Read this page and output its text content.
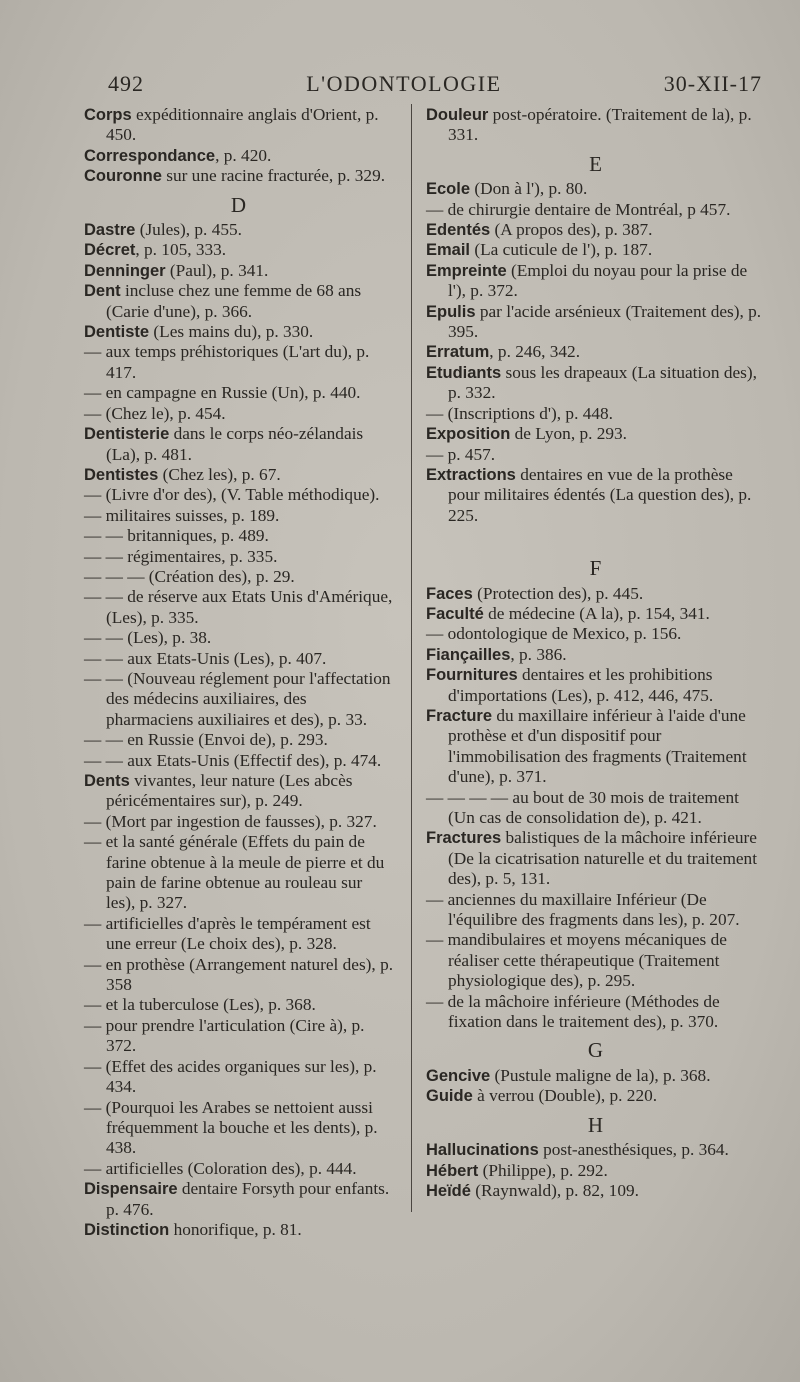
492	L'ODONTOLOGIE	30-XII-17

Corps expéditionnaire anglais d'Orient, p. 450.

Correspondance, p. 420.

Couronne sur une racine fracturée, p. 329.

D

Dastre (Jules), p. 455.

Décret, p. 105, 333.

Denninger (Paul), p. 341.

Dent incluse chez une femme de 68 ans (Carie d'une), p. 366.

Dentiste (Les mains du), p. 330.

— aux temps préhistoriques (L'art du), p. 417.

— en campagne en Russie (Un), p. 440.

— (Chez le), p. 454.

Dentisterie dans le corps néo-zélandais (La), p. 481.

Dentistes (Chez les), p. 67.

— (Livre d'or des), (V. Table méthodique).

— militaires suisses, p. 189.

— — britanniques, p. 489.

— — régimentaires, p. 335.

— — — (Création des), p. 29.

— — de réserve aux Etats Unis d'Amérique, (Les), p. 335.

— — (Les), p. 38.

— — aux Etats-Unis (Les), p. 407.

— — (Nouveau réglement pour l'affectation des médecins auxiliaires, des pharmaciens auxiliaires et des), p. 33.

— — en Russie (Envoi de), p. 293.

— — aux Etats-Unis (Effectif des), p. 474.

Dents vivantes, leur nature (Les abcès péricémentaires sur), p. 249.

— (Mort par ingestion de fausses), p. 327.

— et la santé générale (Effets du pain de farine obtenue à la meule de pierre et du pain de farine obtenue au rouleau sur les), p. 327.

— artificielles d'après le tempérament est une erreur (Le choix des), p. 328.

— en prothèse (Arrangement naturel des), p. 358

— et la tuberculose (Les), p. 368.

— pour prendre l'articulation (Cire à), p. 372.

— (Effet des acides organiques sur les), p. 434.

— (Pourquoi les Arabes se nettoient aussi fréquemment la bouche et les dents), p. 438.

— artificielles (Coloration des), p. 444.

Dispensaire dentaire Forsyth pour enfants. p. 476.

Distinction honorifique, p. 81.

Douleur post-opératoire. (Traitement de la), p. 331.

E

Ecole (Don à l'), p. 80.

— de chirurgie dentaire de Montréal, p 457.

Edentés (A propos des), p. 387.

Email (La cuticule de l'), p. 187.

Empreinte (Emploi du noyau pour la prise de l'), p. 372.

Epulis par l'acide arsénieux (Traitement des), p. 395.

Erratum, p. 246, 342.

Etudiants sous les drapeaux (La situation des), p. 332.

— (Inscriptions d'), p. 448.

Exposition de Lyon, p. 293.

— p. 457.

Extractions dentaires en vue de la prothèse pour militaires édentés (La question des), p. 225.

F

Faces (Protection des), p. 445.

Faculté de médecine (A la), p. 154, 341.

— odontologique de Mexico, p. 156.

Fiançailles, p. 386.

Fournitures dentaires et les prohibitions d'importations (Les), p. 412, 446, 475.

Fracture du maxillaire inférieur à l'aide d'une prothèse et d'un dispositif pour l'immobilisation des fragments (Traitement d'une), p. 371.

— — — — au bout de 30 mois de traitement (Un cas de consolidation de), p. 421.

Fractures balistiques de la mâchoire inférieure (De la cicatrisation naturelle et du traitement des), p. 5, 131.

— anciennes du maxillaire Inférieur (De l'équilibre des fragments dans les), p. 207.

— mandibulaires et moyens mécaniques de réaliser cette thérapeutique (Traitement physiologique des), p. 295.

— de la mâchoire inférieure (Méthodes de fixation dans le traitement des), p. 370.

G

Gencive (Pustule maligne de la), p. 368.

Guide à verrou (Double), p. 220.

H

Hallucinations post-anesthésiques, p. 364.

Hébert (Philippe), p. 292.

Heïdé (Raynwald), p. 82, 109.
